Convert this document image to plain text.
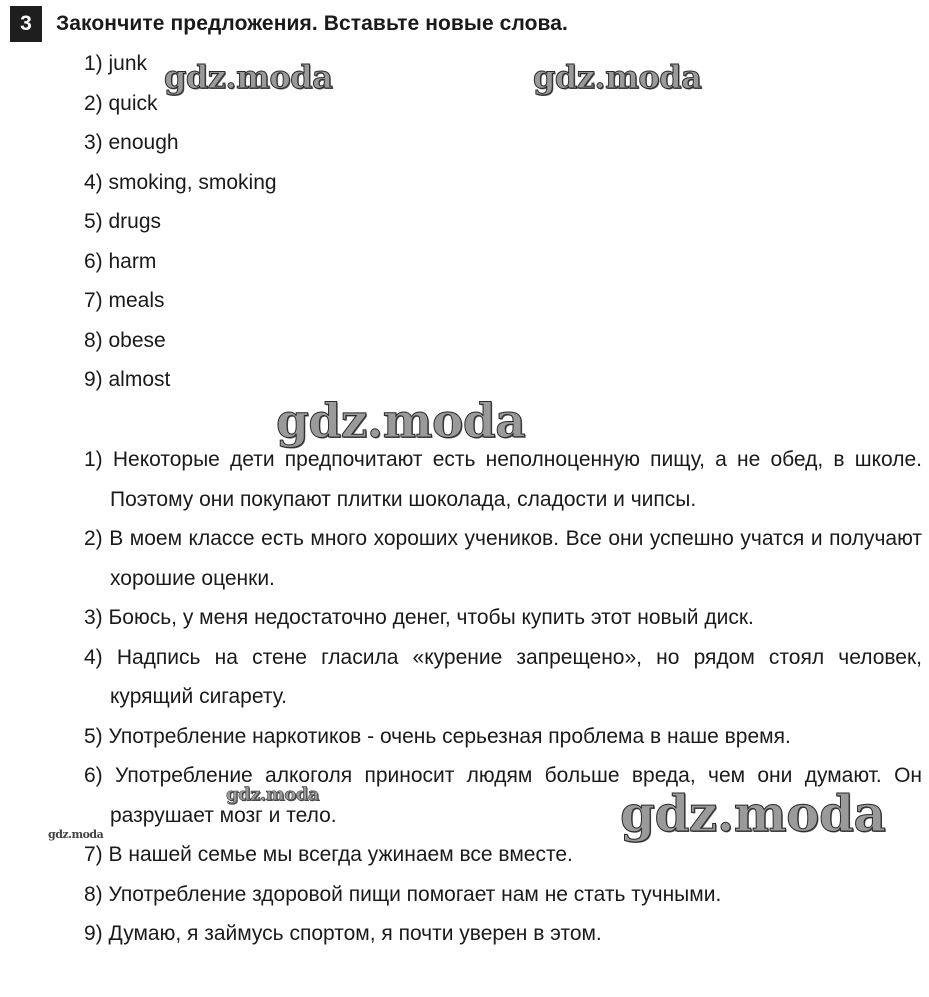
3	Закончите предложения. Вставьте новые слова.
1) junk
2) quick
3) enough
4) smoking, smoking
5) drugs
6) harm
7) meals
8) obese
9) almost
1) Некоторые дети предпочитают есть неполноценную пищу, а не обед, в школе. Поэтому они покупают плитки шоколада, сладости и чипсы.
2) В моем классе есть много хороших учеников. Все они успешно учатся и получают хорошие оценки.
3) Боюсь, у меня недостаточно денег, чтобы купить этот новый диск.
4) Надпись на стене гласила «курение запрещено», но рядом стоял человек, курящий сигарету.
5) Употребление наркотиков - очень серьезная проблема в наше время.
6) Употребление алкоголя приносит людям больше вреда, чем они думают. Он разрушает мозг и тело.
7) В нашей семье мы всегда ужинаем все вместе.
8) Употребление здоровой пищи помогает нам не стать тучными.
9) Думаю, я займусь спортом, я почти уверен в этом.
gdz.moda	gdz.moda
gdz.moda
gdz.moda
gdz.moda	gdz.moda
